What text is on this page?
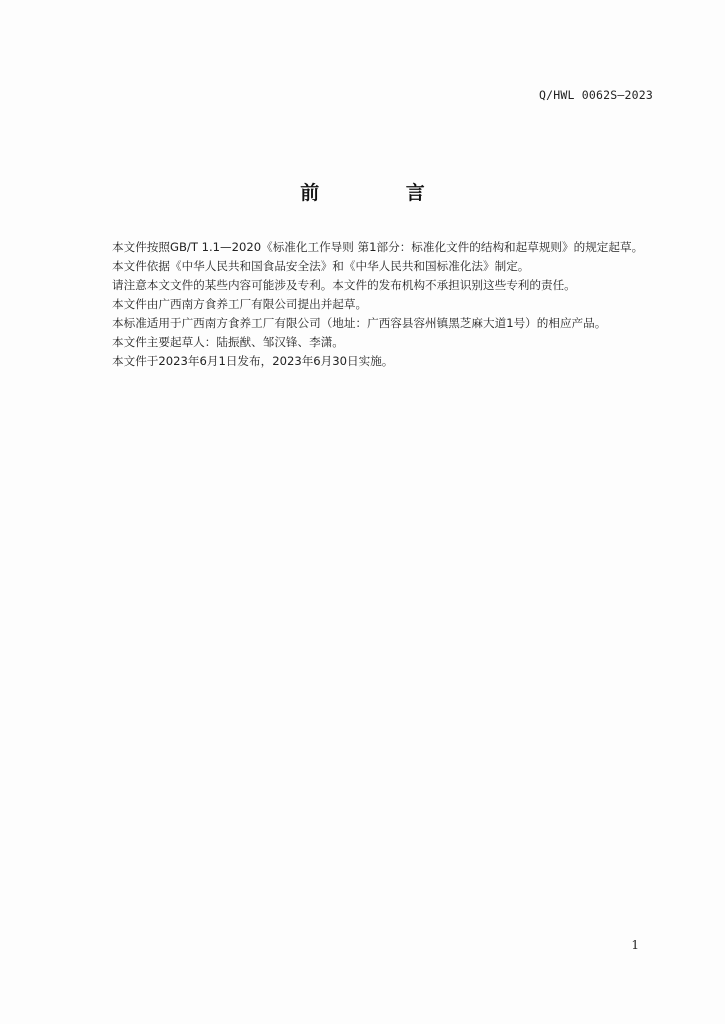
Q/HWL 0062S—2023
前 言

本文件按照GB/T 1.1—2020《标准化工作导则 第1部分：标准化文件的结构和起草规则》的规定起草。

本文件依据《中华人民共和国食品安全法》和《中华人民共和国标准化法》制定。

请注意本文文件的某些内容可能涉及专利。本文件的发布机构不承担识别这些专利的责任。

本文件由广西南方食养工厂有限公司提出并起草。

本标准适用于广西南方食养工厂有限公司（地址：广西容县容州镇黑芝麻大道1号）的相应产品。

本文件主要起草人：陆振猷、邹汉锋、李潇。

本文件于2023年6月1日发布，2023年6月30日实施。

1
